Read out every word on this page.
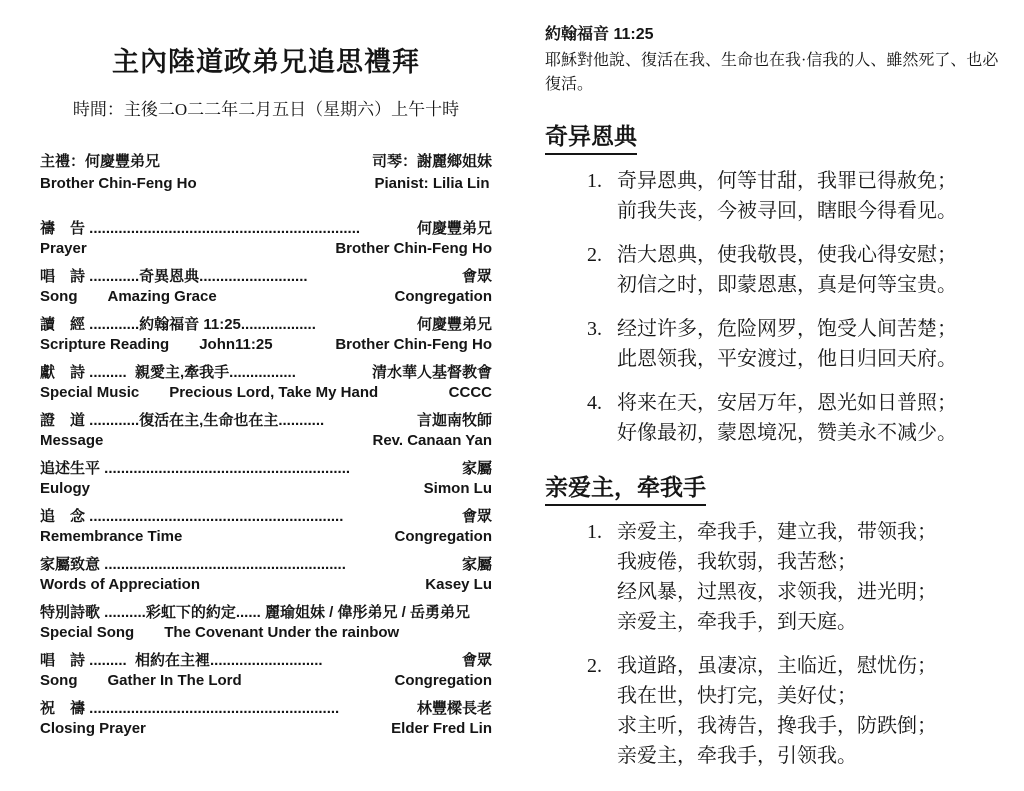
主內陸道政弟兄追思禮拜
時間：主後二O二二年二月五日（星期六）上午十時
主禮：何慶豐弟兄
Brother Chin-Feng Ho
司琴：謝麗鄉姐妹
Pianist: Lilia Lin
禱　告 .................................................................	何慶豐弟兄
Prayer	Brother Chin-Feng Ho
唱　詩 ............奇異恩典..........................	會眾
Song Amazing Grace	Congregation
讀　經 ............約翰福音 11:25..................	何慶豐弟兄
Scripture Reading John11:25	Brother Chin-Feng Ho
獻　詩 .........  親愛主,牽我手................	清水華人基督教會
Special Music Precious Lord, Take My Hand	CCCC
證　道 ............復活在主,生命也在主...........	言迦南牧師
Message	Rev. Canaan Yan
追述生平 ...........................................................	家屬
Eulogy	Simon Lu
追　念 .............................................................	會眾
Remembrance Time	Congregation
家屬致意 ..........................................................	家屬
Words of Appreciation	Kasey Lu
特別詩歌 ..........彩虹下的約定...... 麗瑜姐妹 / 偉彤弟兄 / 岳勇弟兄
Special Song The Covenant Under the rainbow
唱　詩 .........  相約在主裡...........................	會眾
Song Gather In The Lord	Congregation
祝　禱 ............................................................	林豐樑長老
Closing Prayer	Elder Fred Lin
約翰福音 11:25
耶穌對他說、復活在我、生命也在我·信我的人、雖然死了、也必復活。
奇异恩典
1. 奇异恩典，何等甘甜，我罪已得赦免；
前我失丧，今被寻回，瞎眼今得看见。
2. 浩大恩典，使我敬畏，使我心得安慰；
初信之时，即蒙恩惠，真是何等宝贵。
3. 经过许多，危险网罗，饱受人间苦楚；
此恩领我，平安渡过，他日归回天府。
4. 将来在天，安居万年，恩光如日普照；
好像最初，蒙恩境况，赞美永不减少。
亲爱主，牵我手
1. 亲爱主，牵我手，建立我，带领我；
我疲倦，我软弱，我苦愁；
经风暴，过黑夜，求领我，进光明；
亲爱主，牵我手，到天庭。
2. 我道路，虽凄凉，主临近，慰忧伤；
我在世，快打完，美好仗；
求主听，我祷告，搀我手，防跌倒；
亲爱主，牵我手，引领我。
